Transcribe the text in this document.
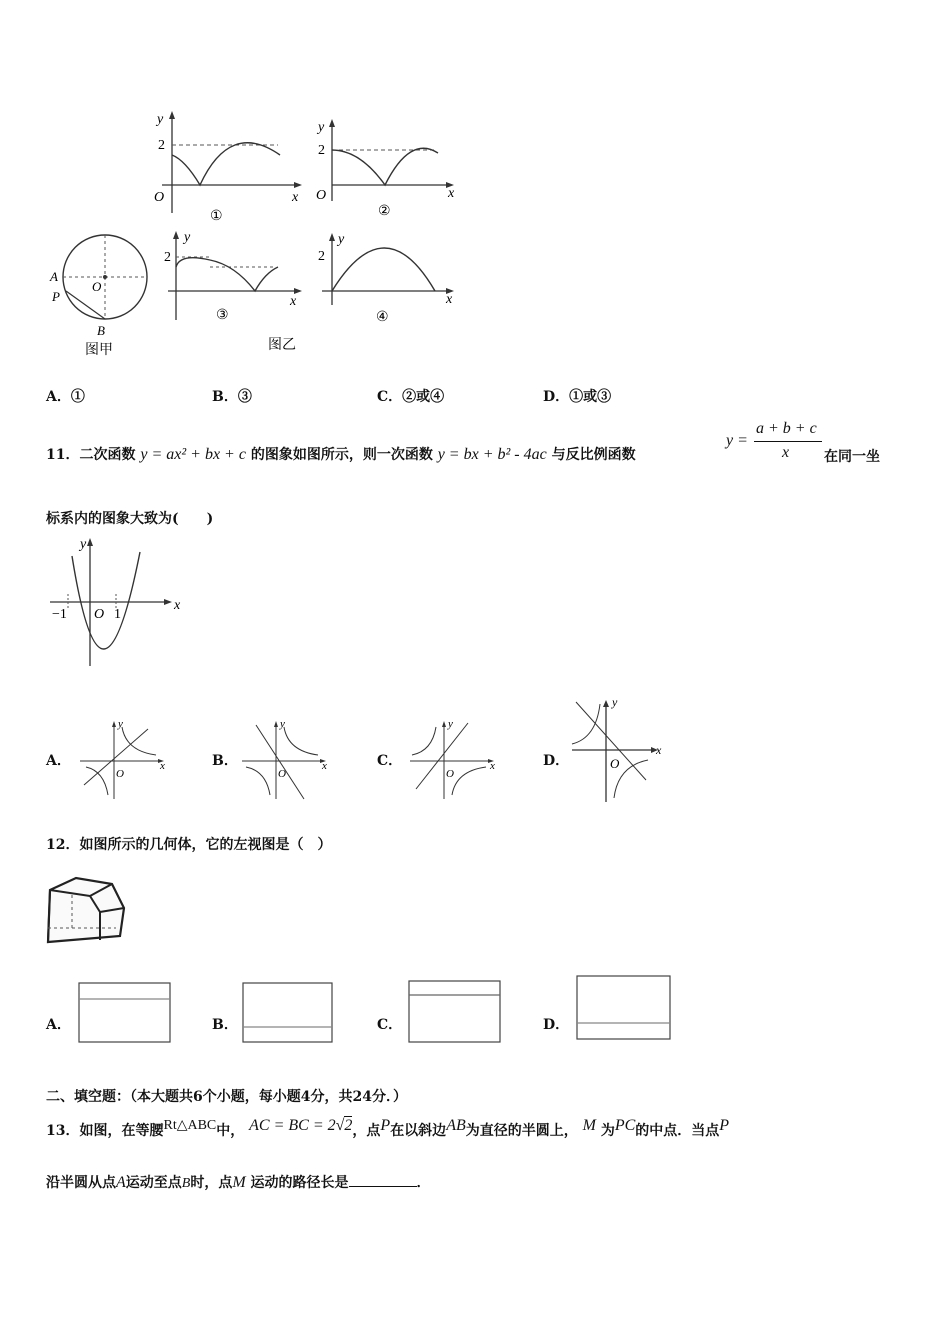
y
2
O	x
①
y
2
O	x
②
A
P
O
B
图甲
y
2
x
③
y
2
x
④
图乙
A．①	B．③	C．②或④	D．①或③
11．二次函数 y = ax² + bx + c 的图象如图所示，则一次函数 y = bx + b² - 4ac 与反比例函数
y =
a + b + c
x 在同一坐
标系内的图象大致为(　　)
y
x
O
−1	1
A．
O
x
y
B．
O
x
y
C．
O
x
y
D．	O
x
y
12．如图所示的几何体，它的左视图是（　）
A．	B．	C．	D．
二、填空题：（本大题共6个小题，每小题4分，共24分．）
13．如图，在等腰Rt△ABC中， AC = BC = 2√2，点P在以斜边AB为直径的半圆上， M 为PC的中点．当点P
沿半圆从点A运动至点B时，点M 运动的路径长是	．
